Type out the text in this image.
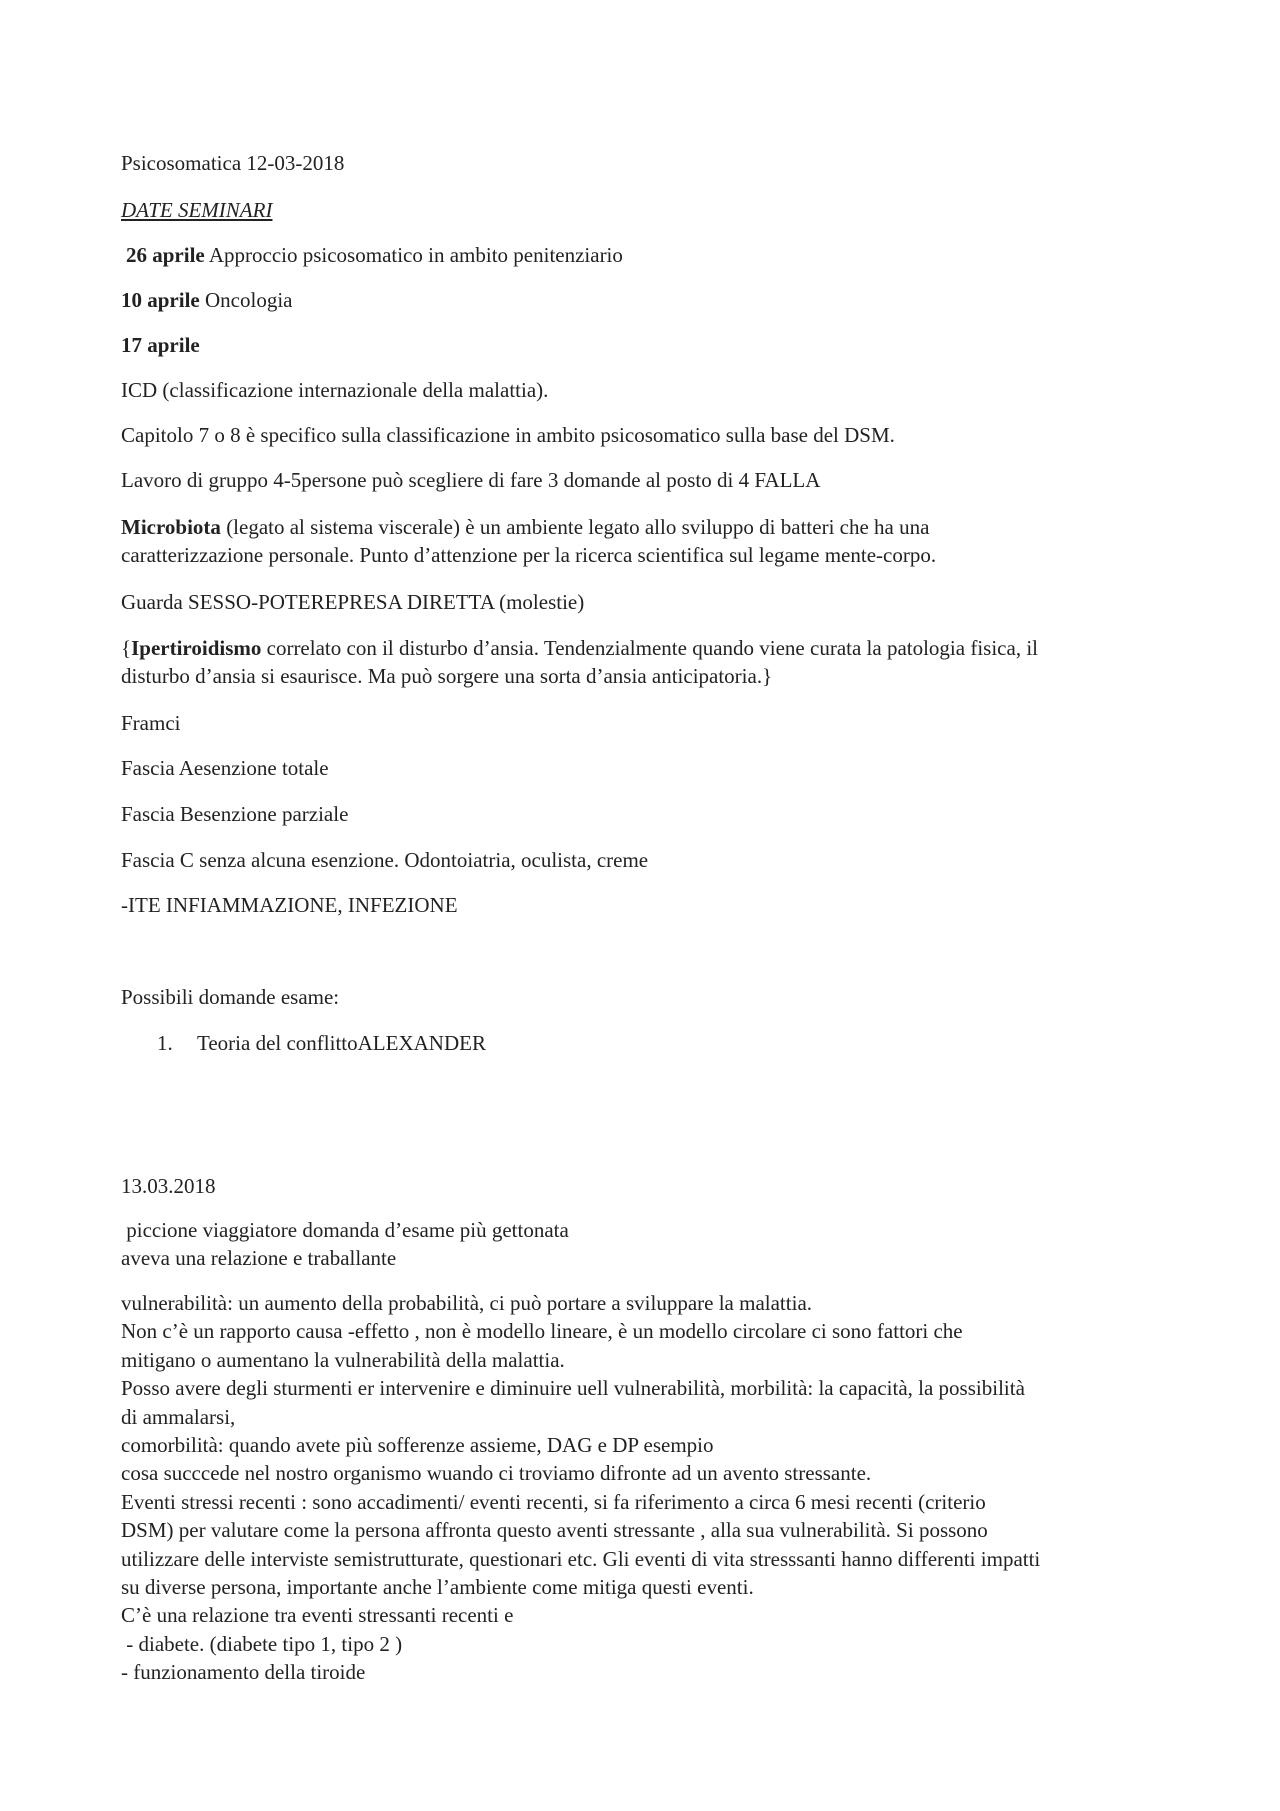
Psicosomatica 12-03-2018
DATE SEMINARI
26 aprile Approccio psicosomatico in ambito penitenziario
10 aprile Oncologia
17 aprile
ICD (classificazione internazionale della malattia).
Capitolo 7 o 8 è specifico sulla classificazione in ambito psicosomatico sulla base del DSM.
Lavoro di gruppo 4-5persone può scegliere di fare 3 domande al posto di 4 FALLA
Microbiota (legato al sistema viscerale) è un ambiente legato allo sviluppo di batteri che ha una
caratterizzazione personale. Punto d’attenzione per la ricerca scientifica sul legame mente-corpo.
Guarda SESSO-POTEREPRESA DIRETTA (molestie)
{Ipertiroidismo correlato con il disturbo d’ansia. Tendenzialmente quando viene curata la patologia fisica, il
disturbo d’ansia si esaurisce. Ma può sorgere una sorta d’ansia anticipatoria.}
Framci
Fascia Aesenzione totale
Fascia Besenzione parziale
Fascia C senza alcuna esenzione. Odontoiatria, oculista, creme
-ITE INFIAMMAZIONE, INFEZIONE
Possibili domande esame:
1. Teoria del conflittoALEXANDER
13.03.2018
piccione viaggiatore domanda d’esame più gettonata
aveva una relazione e traballante
vulnerabilità: un aumento della probabilità, ci può portare a sviluppare la malattia.
Non c’è un rapporto causa -effetto , non è modello lineare, è un modello circolare ci sono fattori che
mitigano o aumentano la vulnerabilità della malattia.
Posso avere degli sturmenti er intervenire e diminuire uell vulnerabilità, morbilità: la capacità, la possibilità
di ammalarsi,
comorbilità: quando avete più sofferenze assieme, DAG e DP esempio
cosa succcede nel nostro organismo wuando ci troviamo difronte ad un avento stressante.
Eventi stressi recenti : sono accadimenti/ eventi recenti, si fa riferimento a circa 6 mesi recenti (criterio
DSM) per valutare come la persona affronta questo aventi stressante , alla sua vulnerabilità. Si possono
utilizzare delle interviste semistrutturate, questionari etc. Gli eventi di vita stresssanti hanno differenti impatti
su diverse persona, importante anche l’ambiente come mitiga questi eventi.
C’è una relazione tra eventi stressanti recenti e
- diabete. (diabete tipo 1, tipo 2 )
- funzionamento della tiroide
